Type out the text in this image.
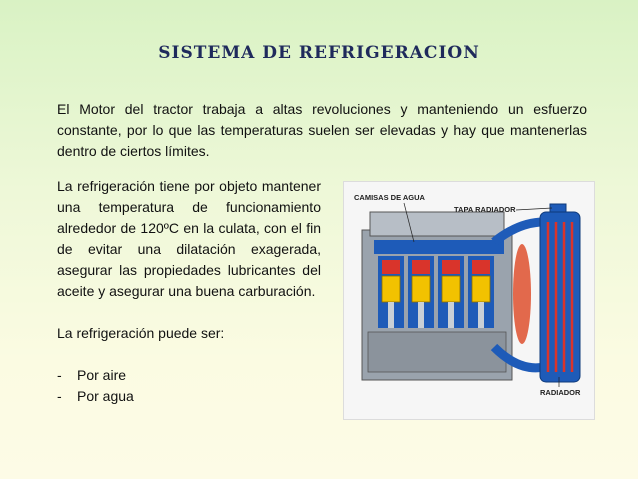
SISTEMA DE REFRIGERACION

El Motor del tractor trabaja a altas revoluciones y manteniendo un esfuerzo constante, por lo que las temperaturas suelen ser elevadas y hay que mantenerlas dentro de ciertos límites.

La refrigeración tiene por objeto mantener una temperatura de funcionamiento alrededor de 120ºC en la culata, con el fin de evitar una dilatación exagerada, asegurar las propiedades lubricantes del aceite y asegurar una buena carburación.

La refrigeración puede ser:

-	Por aire
-	Por agua
CAMISAS DE AGUA
TAPA RADIADOR
RADIADOR
